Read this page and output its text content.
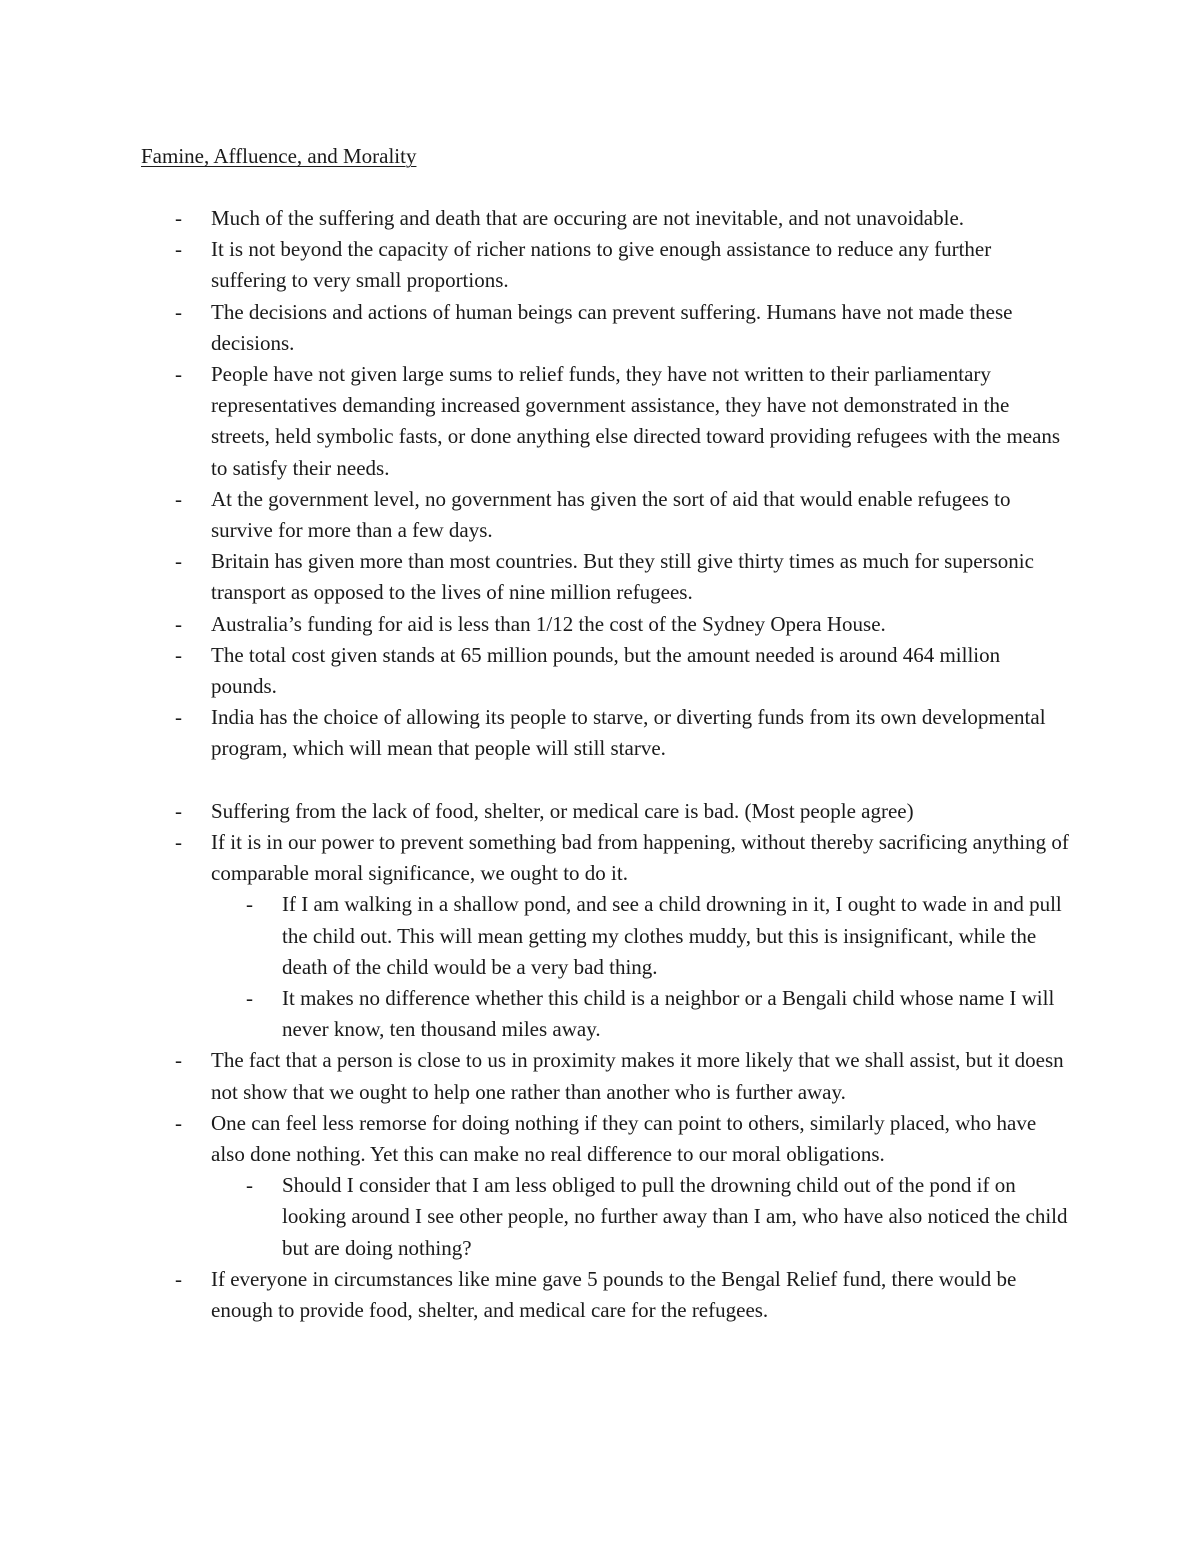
Famine, Affluence, and Morality
- Much of the suffering and death that are occuring are not inevitable, and not unavoidable.
- It is not beyond the capacity of richer nations to give enough assistance to reduce any further suffering to very small proportions.
- The decisions and actions of human beings can prevent suffering. Humans have not made these decisions.
- People have not given large sums to relief funds, they have not written to their parliamentary representatives demanding increased government assistance, they have not demonstrated in the streets, held symbolic fasts, or done anything else directed toward providing refugees with the means to satisfy their needs.
- At the government level, no government has given the sort of aid that would enable refugees to survive for more than a few days.
- Britain has given more than most countries. But they still give thirty times as much for supersonic transport as opposed to the lives of nine million refugees.
- Australia’s funding for aid is less than 1/12 the cost of the Sydney Opera House.
- The total cost given stands at 65 million pounds, but the amount needed is around 464 million pounds.
- India has the choice of allowing its people to starve, or diverting funds from its own developmental program, which will mean that people will still starve.
- Suffering from the lack of food, shelter, or medical care is bad. (Most people agree)
- If it is in our power to prevent something bad from happening, without thereby sacrificing anything of comparable moral significance, we ought to do it.
- If I am walking in a shallow pond, and see a child drowning in it, I ought to wade in and pull the child out. This will mean getting my clothes muddy, but this is insignificant, while the death of the child would be a very bad thing.
- It makes no difference whether this child is a neighbor or a Bengali child whose name I will never know, ten thousand miles away.
- The fact that a person is close to us in proximity makes it more likely that we shall assist, but it doesn not show that we ought to help one rather than another who is further away.
- One can feel less remorse for doing nothing if they can point to others, similarly placed, who have also done nothing. Yet this can make no real difference to our moral obligations.
- Should I consider that I am less obliged to pull the drowning child out of the pond if on looking around I see other people, no further away than I am, who have also noticed the child but are doing nothing?
- If everyone in circumstances like mine gave 5 pounds to the Bengal Relief fund, there would be enough to provide food, shelter, and medical care for the refugees.
